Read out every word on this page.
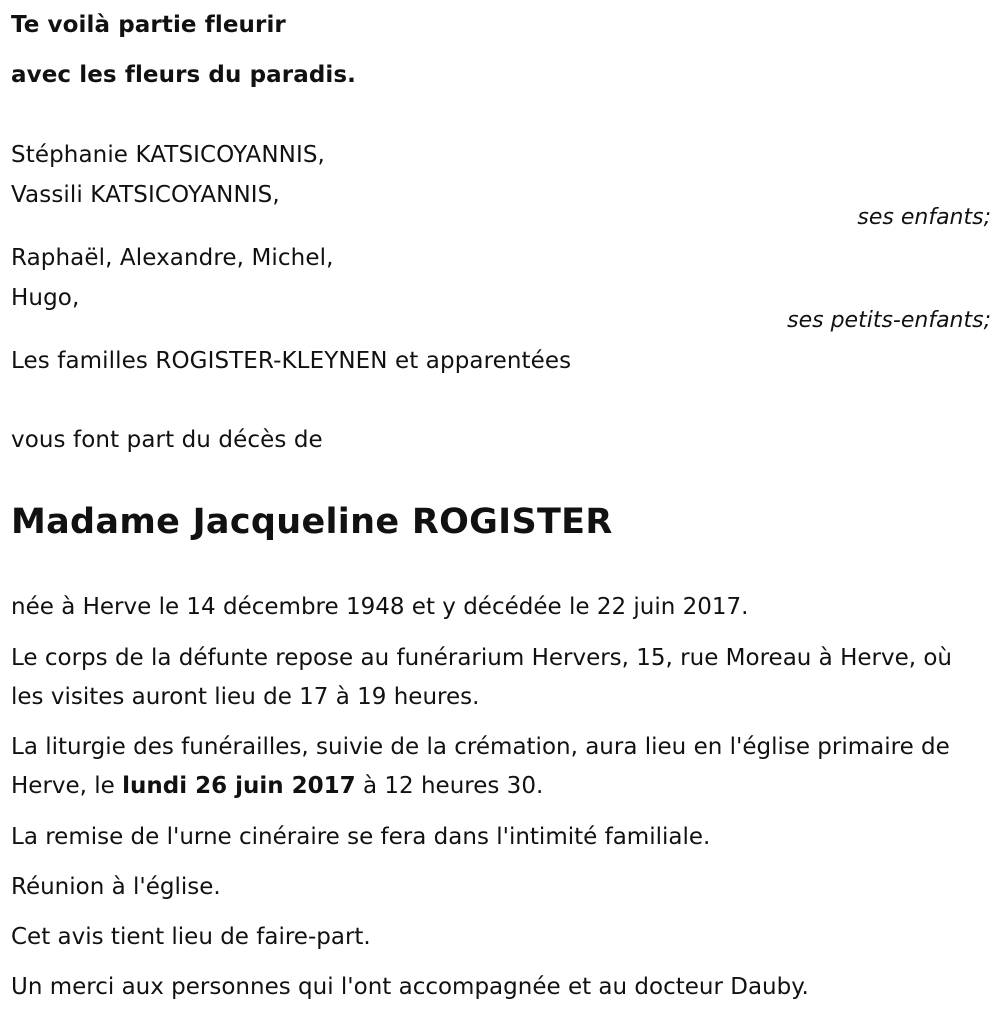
Te voilà partie fleurir
avec les fleurs du paradis.
Stéphanie KATSICOYANNIS,
Vassili KATSICOYANNIS,
ses enfants;
Raphaël, Alexandre, Michel,
Hugo,
ses petits-enfants;
Les familles ROGISTER-KLEYNEN et apparentées
vous font part du décès de
Madame Jacqueline ROGISTER
née à Herve le 14 décembre 1948 et y décédée le 22 juin 2017.
Le corps de la défunte repose au funérarium Hervers, 15, rue Moreau à Herve, où les visites auront lieu de 17 à 19 heures.
La liturgie des funérailles, suivie de la crémation, aura lieu en l'église primaire de Herve, le lundi 26 juin 2017 à 12 heures 30.
La remise de l'urne cinéraire se fera dans l'intimité familiale.
Réunion à l'église.
Cet avis tient lieu de faire-part.
Un merci aux personnes qui l'ont accompagnée et au docteur Dauby.
